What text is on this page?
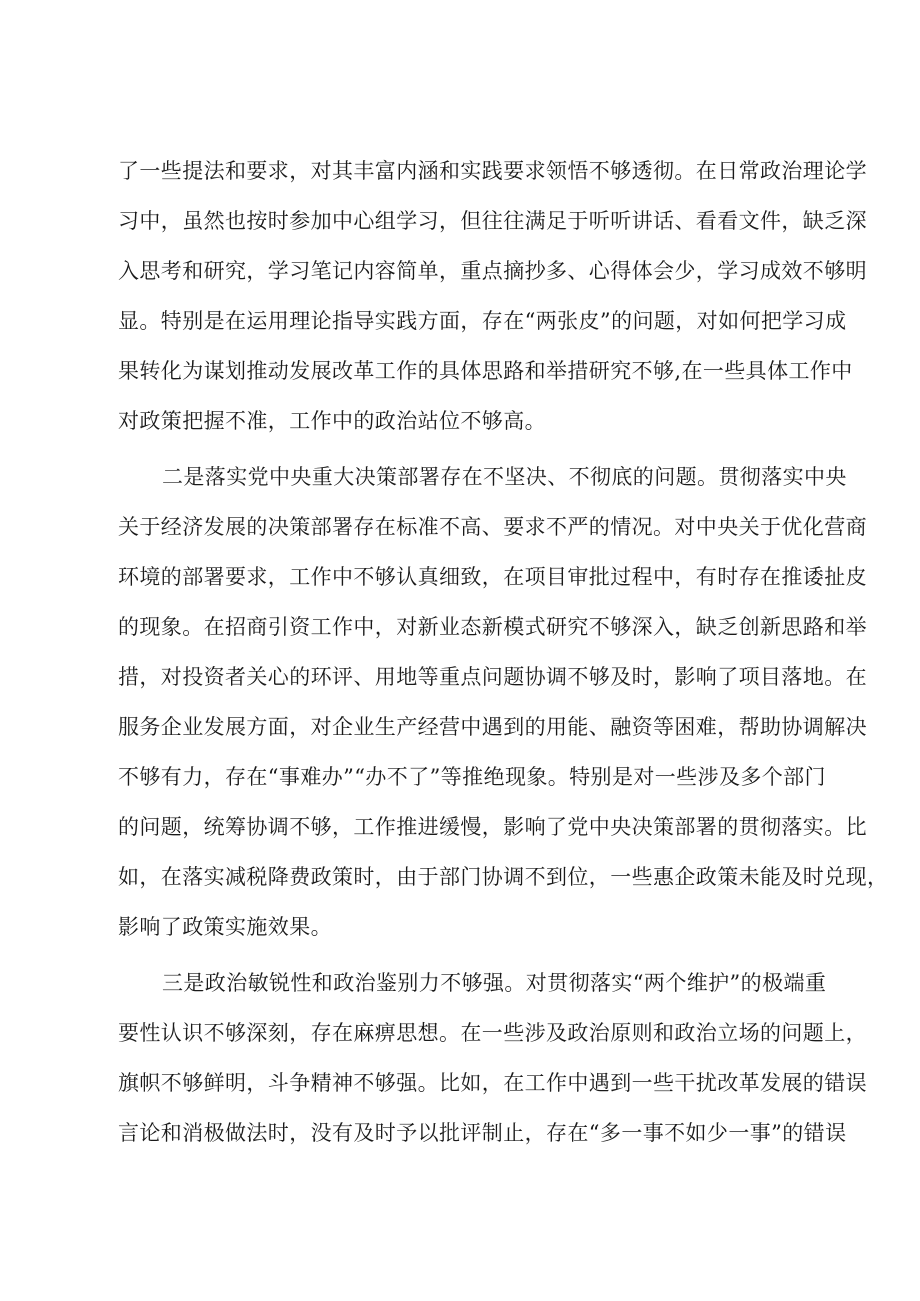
了一些提法和要求，对其丰富内涵和实践要求领悟不够透彻。在日常政治理论学
习中，虽然也按时参加中心组学习，但往往满足于听听讲话、看看文件，缺乏深
入思考和研究，学习笔记内容简单，重点摘抄多、心得体会少，学习成效不够明
显。特别是在运用理论指导实践方面，存在“两张皮”的问题，对如何把学习成
果转化为谋划推动发展改革工作的具体思路和举措研究不够,在一些具体工作中
对政策把握不准，工作中的政治站位不够高。
二是落实党中央重大决策部署存在不坚决、不彻底的问题。贯彻落实中央
关于经济发展的决策部署存在标准不高、要求不严的情况。对中央关于优化营商
环境的部署要求，工作中不够认真细致，在项目审批过程中，有时存在推诿扯皮
的现象。在招商引资工作中，对新业态新模式研究不够深入，缺乏创新思路和举
措，对投资者关心的环评、用地等重点问题协调不够及时，影响了项目落地。在
服务企业发展方面，对企业生产经营中遇到的用能、融资等困难，帮助协调解决
不够有力，存在“事难办”“办不了”等推绝现象。特别是对一些涉及多个部门
的问题，统筹协调不够，工作推进缓慢，影响了党中央决策部署的贯彻落实。比
如，在落实减税降费政策时，由于部门协调不到位，一些惠企政策未能及时兑现，
影响了政策实施效果。
三是政治敏锐性和政治鉴别力不够强。对贯彻落实“两个维护”的极端重
要性认识不够深刻，存在麻痹思想。在一些涉及政治原则和政治立场的问题上，
旗帜不够鲜明，斗争精神不够强。比如，在工作中遇到一些干扰改革发展的错误
言论和消极做法时，没有及时予以批评制止，存在“多一事不如少一事”的错误
